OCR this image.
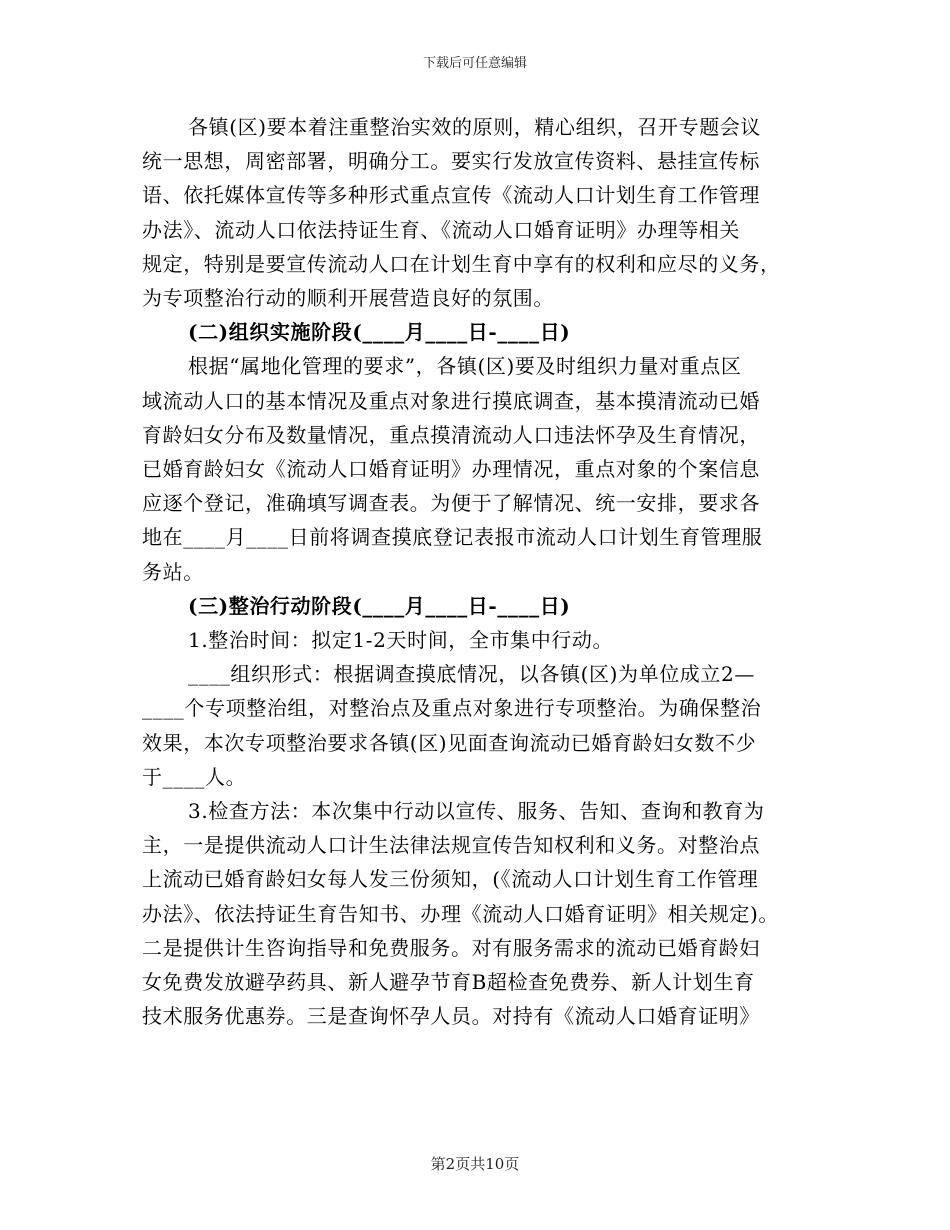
下载后可任意编辑
各镇(区)要本着注重整治实效的原则，精心组织，召开专题会议
统一思想，周密部署，明确分工。要实行发放宣传资料、悬挂宣传标
语、依托媒体宣传等多种形式重点宣传《流动人口计划生育工作管理
办法》、流动人口依法持证生育、《流动人口婚育证明》办理等相关
规定，特别是要宣传流动人口在计划生育中享有的权利和应尽的义务，
为专项整治行动的顺利开展营造良好的氛围。
(二)组织实施阶段(____月____日-____日)
根据“属地化管理的要求”，各镇(区)要及时组织力量对重点区
域流动人口的基本情况及重点对象进行摸底调查，基本摸清流动已婚
育龄妇女分布及数量情况，重点摸清流动人口违法怀孕及生育情况，
已婚育龄妇女《流动人口婚育证明》办理情况，重点对象的个案信息
应逐个登记，准确填写调查表。为便于了解情况、统一安排，要求各
地在____月____日前将调查摸底登记表报市流动人口计划生育管理服
务站。
(三)整治行动阶段(____月____日-____日)
1.整治时间：拟定1-2天时间，全市集中行动。
____组织形式：根据调查摸底情况，以各镇(区)为单位成立2—
____个专项整治组，对整治点及重点对象进行专项整治。为确保整治
效果，本次专项整治要求各镇(区)见面查询流动已婚育龄妇女数不少
于____人。
3.检查方法：本次集中行动以宣传、服务、告知、查询和教育为
主，一是提供流动人口计生法律法规宣传告知权利和义务。对整治点
上流动已婚育龄妇女每人发三份须知，(《流动人口计划生育工作管理
办法》、依法持证生育告知书、办理《流动人口婚育证明》相关规定)。
二是提供计生咨询指导和免费服务。对有服务需求的流动已婚育龄妇
女免费发放避孕药具、新人避孕节育B超检查免费券、新人计划生育
技术服务优惠券。三是查询怀孕人员。对持有《流动人口婚育证明》
第2页共10页
